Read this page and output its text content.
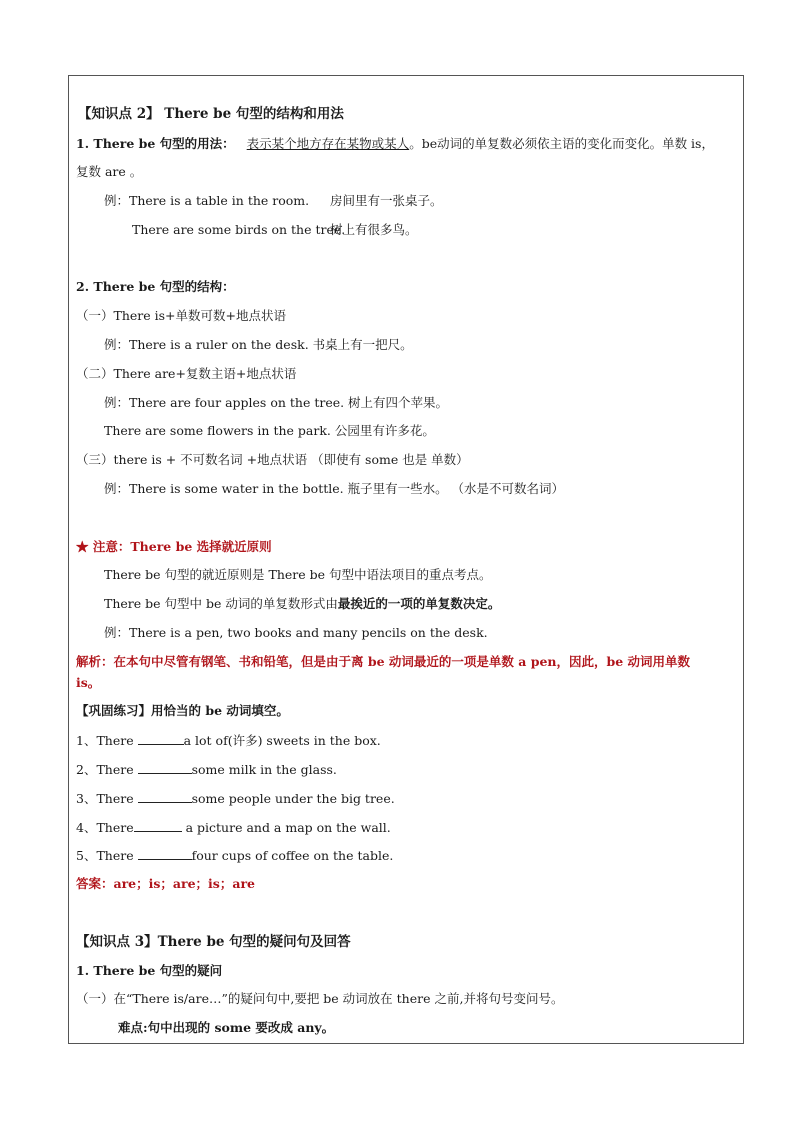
【知识点 2】 There be 句型的结构和用法
1. There be 句型的用法： 表示某个地方存在某物或某人。be动词的单复数必须依主语的变化而变化。单数 is，
复数 are 。
例：There is a table in the room. 房间里有一张桌子。
There are some birds on the tree.
树上有很多鸟。
2. There be 句型的结构：
（一）There is+单数可数+地点状语
例：There is a ruler on the desk. 书桌上有一把尺。
（二）There are+复数主语+地点状语
例：There are four apples on the tree. 树上有四个苹果。
There are some flowers in the park. 公园里有许多花。
（三）there is + 不可数名词 +地点状语 （即使有 some 也是 单数）
例：There is some water in the bottle. 瓶子里有一些水。 （水是不可数名词）
★ 注意：There be 选择就近原则
There be 句型的就近原则是 There be 句型中语法项目的重点考点。
There be 句型中 be 动词的单复数形式由最挨近的一项的单复数决定。
例：There is a pen, two books and many pencils on the desk.
解析：在本句中尽管有钢笔、书和铅笔，但是由于离 be 动词最近的一项是单数 a pen，因此，be 动词用单数
is。
【巩固练习】用恰当的 be 动词填空。
1、There	a lot of(许多) sweets in the box.
2、There	some milk in the glass.
3、There	some people under the big tree.
4、There	a picture and a map on the wall.
5、There	four cups of coffee on the table.
答案：are；is；are；is；are
【知识点 3】There be 句型的疑问句及回答
1. There be 句型的疑问
（一）在“There is/are…”的疑问句中,要把 be 动词放在 there 之前,并将句号变问号。
难点:句中出现的 some 要改成 any。
